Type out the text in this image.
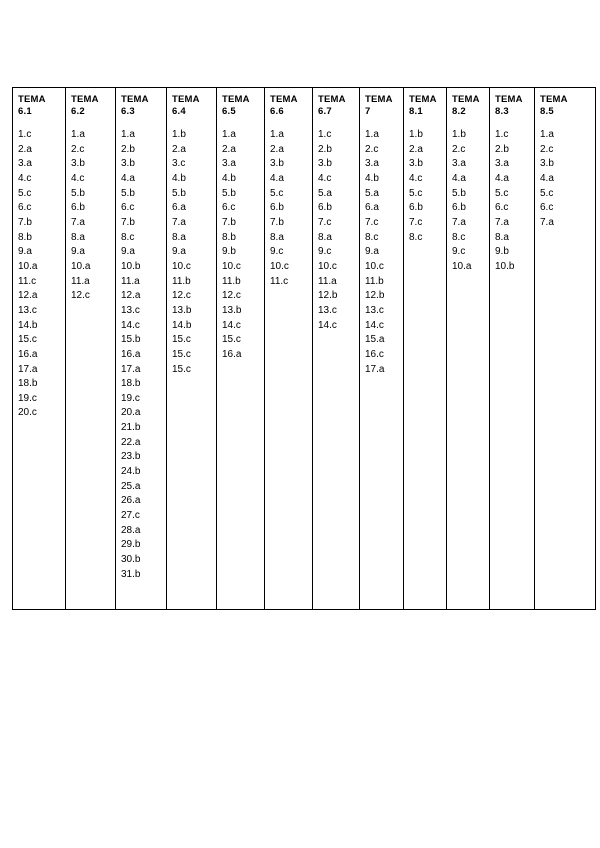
TEMA
6.1
1.c
2.a
3.a
4.c
5.c
6.c
7.b
8.b
9.a
10.a
11.c
12.a
13.c
14.b
15.c
16.a
17.a
18.b
19.c
20.c
TEMA
6.2
1.a
2.c
3.b
4.c
5.b
6.b
7.a
8.a
9.a
10.a
11.a
12.c
TEMA
6.3
1.a
2.b
3.b
4.a
5.b
6.c
7.b
8.c
9.a
10.b
11.a
12.a
13.c
14.c
15.b
16.a
17.a
18.b
19.c
20.a
21.b
22.a
23.b
24.b
25.a
26.a
27.c
28.a
29.b
30.b
31.b
TEMA
6.4
1.b
2.a
3.c
4.b
5.b
6.a
7.a
8.a
9.a
10.c
11.b
12.c
13.b
14.b
15.c
15.c
15.c
TEMA
6.5
1.a
2.a
3.a
4.b
5.b
6.c
7.b
8.b
9.b
10.c
11.b
12.c
13.b
14.c
15.c
16.a
TEMA
6.6
1.a
2.a
3.b
4.a
5.c
6.b
7.b
8.a
9.c
10.c
11.c
TEMA
6.7
1.c
2.b
3.b
4.c
5.a
6.b
7.c
8.a
9.c
10.c
11.a
12.b
13.c
14.c
TEMA
7
1.a
2.c
3.a
4.b
5.a
6.a
7.c
8.c
9.a
10.c
11.b
12.b
13.c
14.c
15.a
16.c
17.a
TEMA
8.1
1.b
2.a
3.b
4.c
5.c
6.b
7.c
8.c
TEMA
8.2
1.b
2.c
3.a
4.a
5.b
6.b
7.a
8.c
9.c
10.a
TEMA
8.3
1.c
2.b
3.a
4.a
5.c
6.c
7.a
8.a
9.b
10.b
TEMA
8.5
1.a
2.c
3.b
4.a
5.c
6.c
7.a
